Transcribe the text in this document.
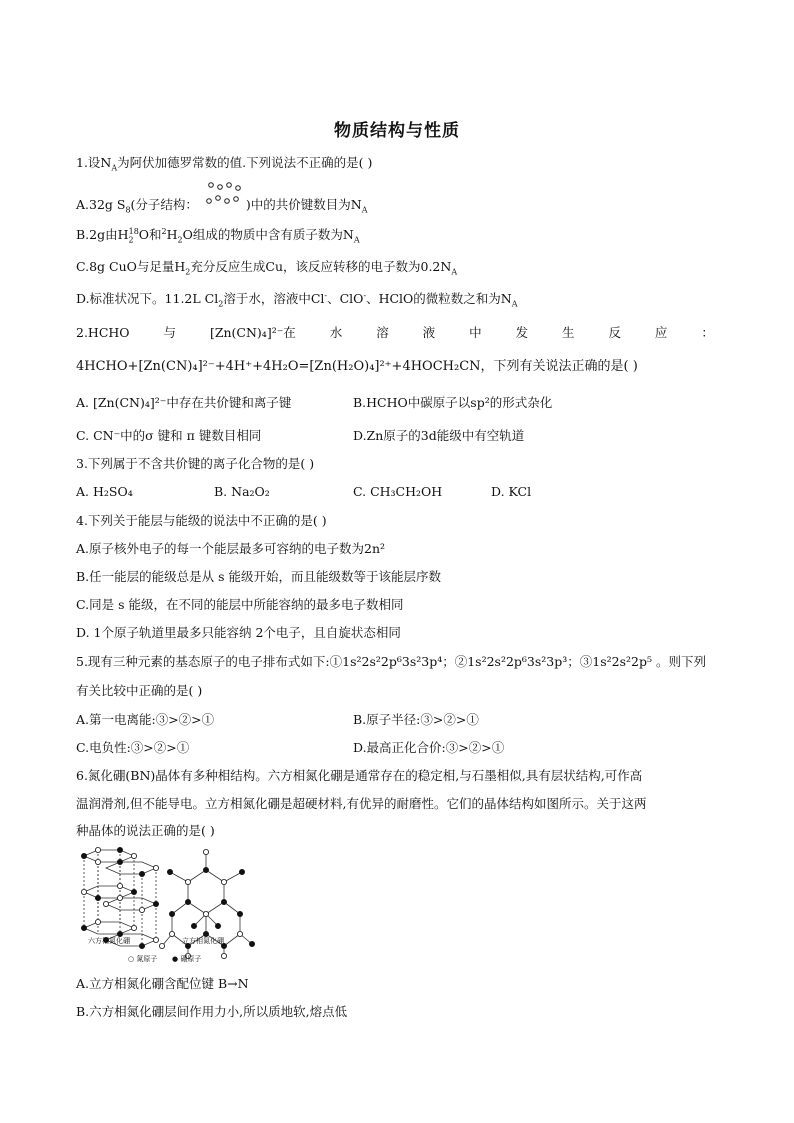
物质结构与性质
1.设$N_A$为阿伏加德罗常数的值.下列说法不正确的是( )
A.32g $S_8$(分子结构：	)中的共价键数目为$N_A$
B.2g由$H_2^{18}O$和$^2H_2O$组成的物质中含有质子数为$N_A$
C.8g CuO与足量$H_2$充分反应生成Cu，该反应转移的电子数为$0.2N_A$
D.标准状况下。11.2L $Cl_2$溶于水，溶液中Cl-、ClO-、HClO的微粒数之和为$N_A$
2.HCHO	与	[Zn(CN)₄]²⁻在	水	溶	液	中	发	生	反	应	：
4HCHO+[Zn(CN)₄]²⁻+4H⁺+4H₂O=[Zn(H₂O)₄]²⁺+4HOCH₂CN，下列有关说法正确的是( )
A. [Zn(CN)₄]²⁻中存在共价键和离子键	B.HCHO中碳原子以sp²的形式杂化
C. CN⁻中的σ 键和 π 键数目相同	D.Zn原子的3d能级中有空轨道
3.下列属于不含共价键的离子化合物的是( )
A. H₂SO₄	B. Na₂O₂	C. CH₃CH₂OH	D. KCl
4.下列关于能层与能级的说法中不正确的是( )
A.原子核外电子的每一个能层最多可容纳的电子数为2n²
B.任一能层的能级总是从 s 能级开始，而且能级数等于该能层序数
C.同是 s 能级，在不同的能层中所能容纳的最多电子数相同
D. 1个原子轨道里最多只能容纳 2个电子，且自旋状态相同
5.现有三种元素的基态原子的电子排布式如下:①1s²2s²2p⁶3s²3p⁴；②1s²2s²2p⁶3s²3p³；③1s²2s²2p⁵ 。则下列
有关比较中正确的是( )
A.第一电离能:③>②>①	B.原子半径:③>②>①
C.电负性:③>②>①	D.最高正化合价:③>②>①
6.氮化硼(BN)晶体有多种相结构。六方相氮化硼是通常存在的稳定相,与石墨相似,具有层状结构,可作高
温润滑剂,但不能导电。立方相氮化硼是超硬材料,有优异的耐磨性。它们的晶体结构如图所示。关于这两
种晶体的说法正确的是( )
六方相氮化硼	立方相氮化硼
○ 氮原子 ● 硼原子
A.立方相氮化硼含配位键 B→N
B.六方相氮化硼层间作用力小,所以质地软,熔点低
